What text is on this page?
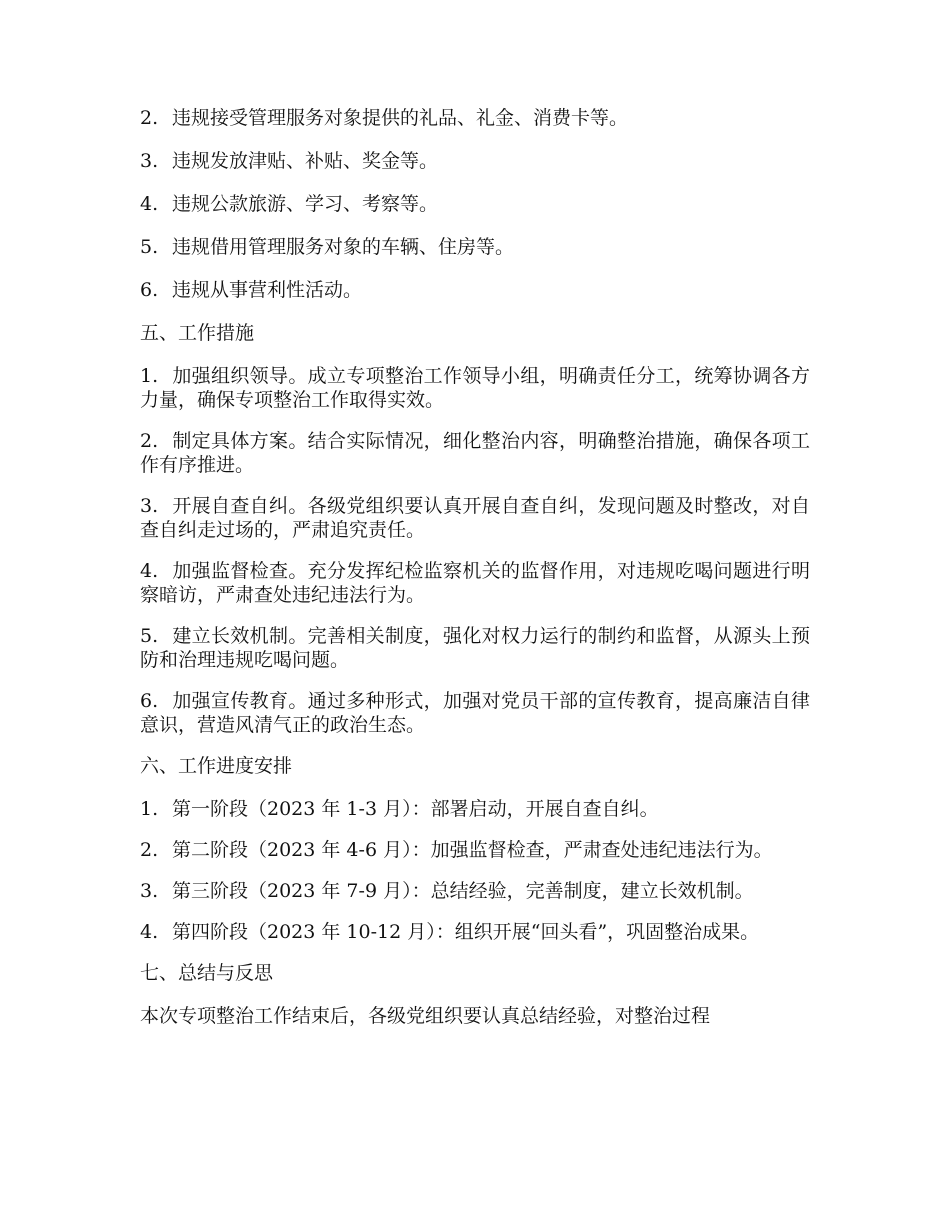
2. 违规接受管理服务对象提供的礼品、礼金、消费卡等。
3. 违规发放津贴、补贴、奖金等。
4. 违规公款旅游、学习、考察等。
5. 违规借用管理服务对象的车辆、住房等。
6. 违规从事营利性活动。
五、工作措施
1. 加强组织领导。成立专项整治工作领导小组，明确责任分工，统筹协调各方力量，确保专项整治工作取得实效。
2. 制定具体方案。结合实际情况，细化整治内容，明确整治措施，确保各项工作有序推进。
3. 开展自查自纠。各级党组织要认真开展自查自纠，发现问题及时整改，对自查自纠走过场的，严肃追究责任。
4. 加强监督检查。充分发挥纪检监察机关的监督作用，对违规吃喝问题进行明察暗访，严肃查处违纪违法行为。
5. 建立长效机制。完善相关制度，强化对权力运行的制约和监督，从源头上预防和治理违规吃喝问题。
6. 加强宣传教育。通过多种形式，加强对党员干部的宣传教育，提高廉洁自律意识，营造风清气正的政治生态。
六、工作进度安排
1. 第一阶段（2023 年 1-3 月）：部署启动，开展自查自纠。
2. 第二阶段（2023 年 4-6 月）：加强监督检查，严肃查处违纪违法行为。
3. 第三阶段（2023 年 7-9 月）：总结经验，完善制度，建立长效机制。
4. 第四阶段（2023 年 10-12 月）：组织开展“回头看”，巩固整治成果。
七、总结与反思
本次专项整治工作结束后，各级党组织要认真总结经验，对整治过程
